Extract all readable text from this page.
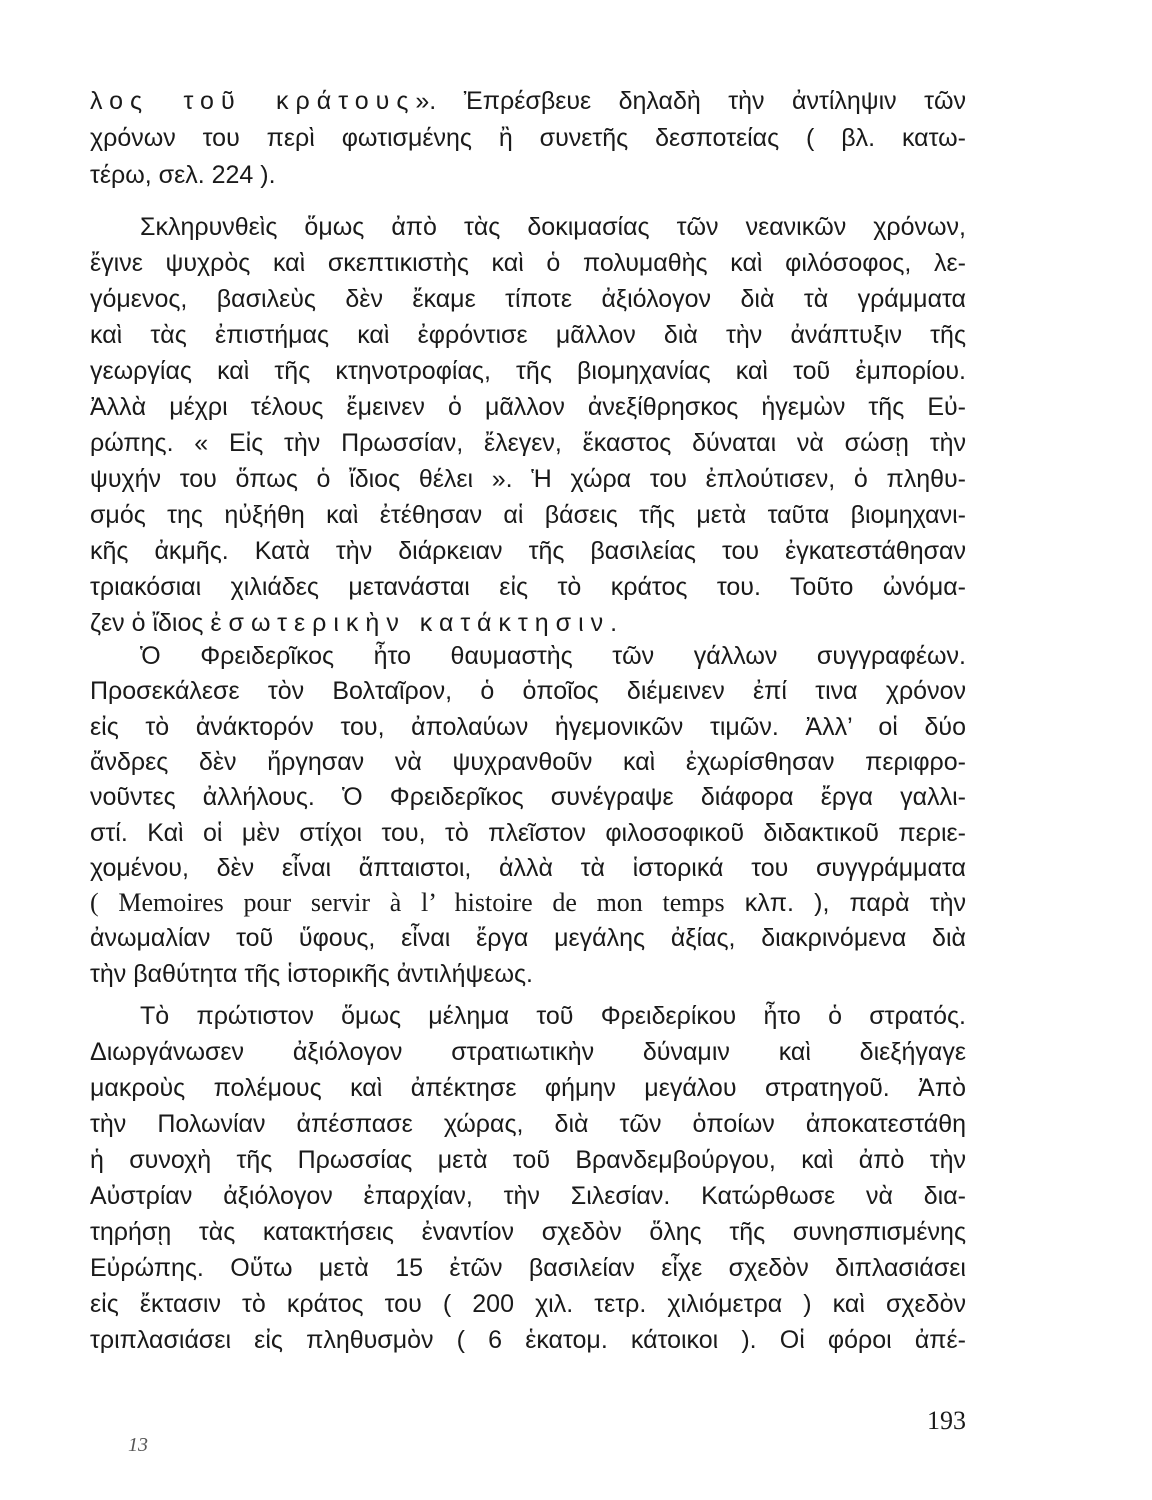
193
13
λος τοῦ κράτους». Ἐπρέσβευε δηλαδὴ τὴν ἀντίληψιν τῶν
χρόνων του περὶ φωτισμένης ἢ συνετῆς δεσποτείας ( βλ. κατω-
τέρω, σελ. 224 ).
Σκληρυνθεὶς ὅμως ἀπὸ τὰς δοκιμασίας τῶν νεανικῶν χρόνων,
ἔγινε ψυχρὸς καὶ σκεπτικιστὴς καὶ ὁ πολυμαθὴς καὶ φιλόσοφος, λε-
γόμενος, βασιλεὺς δὲν ἔκαμε τίποτε ἀξιόλογον διὰ τὰ γράμματα
καὶ τὰς ἐπιστήμας καὶ ἐφρόντισε μᾶλλον διὰ τὴν ἀνάπτυξιν τῆς
γεωργίας καὶ τῆς κτηνοτροφίας, τῆς βιομηχανίας καὶ τοῦ ἐμπορίου.
Ἀλλὰ μέχρι τέλους ἔμεινεν ὁ μᾶλλον ἀνεξίθρησκος ἡγεμὼν τῆς Εὐ-
ρώπης. « Εἰς τὴν Πρωσσίαν, ἔλεγεν, ἕκαστος δύναται νὰ σώσῃ τὴν
ψυχήν του ὅπως ὁ ἴδιος θέλει ». Ἡ χώρα του ἐπλούτισεν, ὁ πληθυ-
σμός της ηὐξήθη καὶ ἐτέθησαν αἱ βάσεις τῆς μετὰ ταῦτα βιομηχανι-
κῆς ἀκμῆς. Κατὰ τὴν διάρκειαν τῆς βασιλείας του ἐγκατεστάθησαν
τριακόσιαι χιλιάδες μετανάσται εἰς τὸ κράτος του. Τοῦτο ὠνόμα-
ζεν ὁ ἴδιος ἐσωτερικὴν κατάκτησιν.
Ὁ Φρειδερῖκος ἦτο θαυμαστὴς τῶν γάλλων συγγραφέων.
Προσεκάλεσε τὸν Βολταῖρον, ὁ ὁποῖος διέμεινεν ἐπί τινα χρόνον
εἰς τὸ ἀνάκτορόν του, ἀπολαύων ἡγεμονικῶν τιμῶν. Ἀλλ’ οἱ δύο
ἄνδρες δὲν ἤργησαν νὰ ψυχρανθοῦν καὶ ἐχωρίσθησαν περιφρο-
νοῦντες ἀλλήλους. Ὁ Φρειδερῖκος συνέγραψε διάφορα ἔργα γαλλι-
στί. Καὶ οἱ μὲν στίχοι του, τὸ πλεῖστον φιλοσοφικοῦ διδακτικοῦ περιε-
χομένου, δὲν εἶναι ἄπταιστοι, ἀλλὰ τὰ ἱστορικά του συγγράμματα
( Memoires pour servir à l’ histoire de mon temps κλπ. ), παρὰ τὴν
ἀνωμαλίαν τοῦ ὕφους, εἶναι ἔργα μεγάλης ἀξίας, διακρινόμενα διὰ
τὴν βαθύτητα τῆς ἱστορικῆς ἀντιλήψεως.
Τὸ πρώτιστον ὅμως μέλημα τοῦ Φρειδερίκου ἦτο ὁ στρατός.
Διωργάνωσεν ἀξιόλογον στρατιωτικὴν δύναμιν καὶ διεξήγαγε
μακροὺς πολέμους καὶ ἀπέκτησε φήμην μεγάλου στρατηγοῦ. Ἀπὸ
τὴν Πολωνίαν ἀπέσπασε χώρας, διὰ τῶν ὁποίων ἀποκατεστάθη
ἡ συνοχὴ τῆς Πρωσσίας μετὰ τοῦ Βρανδεμβούργου, καὶ ἀπὸ τὴν
Αὐστρίαν ἀξιόλογον ἐπαρχίαν, τὴν Σιλεσίαν. Κατώρθωσε νὰ δια-
τηρήσῃ τὰς κατακτήσεις ἐναντίον σχεδὸν ὅλης τῆς συνησπισμένης
Εὐρώπης. Οὕτω μετὰ 15 ἐτῶν βασιλείαν εἶχε σχεδὸν διπλασιάσει
εἰς ἔκτασιν τὸ κράτος του ( 200 χιλ. τετρ. χιλιόμετρα ) καὶ σχεδὸν
τριπλασιάσει εἰς πληθυσμὸν ( 6 ἑκατομ. κάτοικοι ). Οἱ φόροι ἀπέ-
